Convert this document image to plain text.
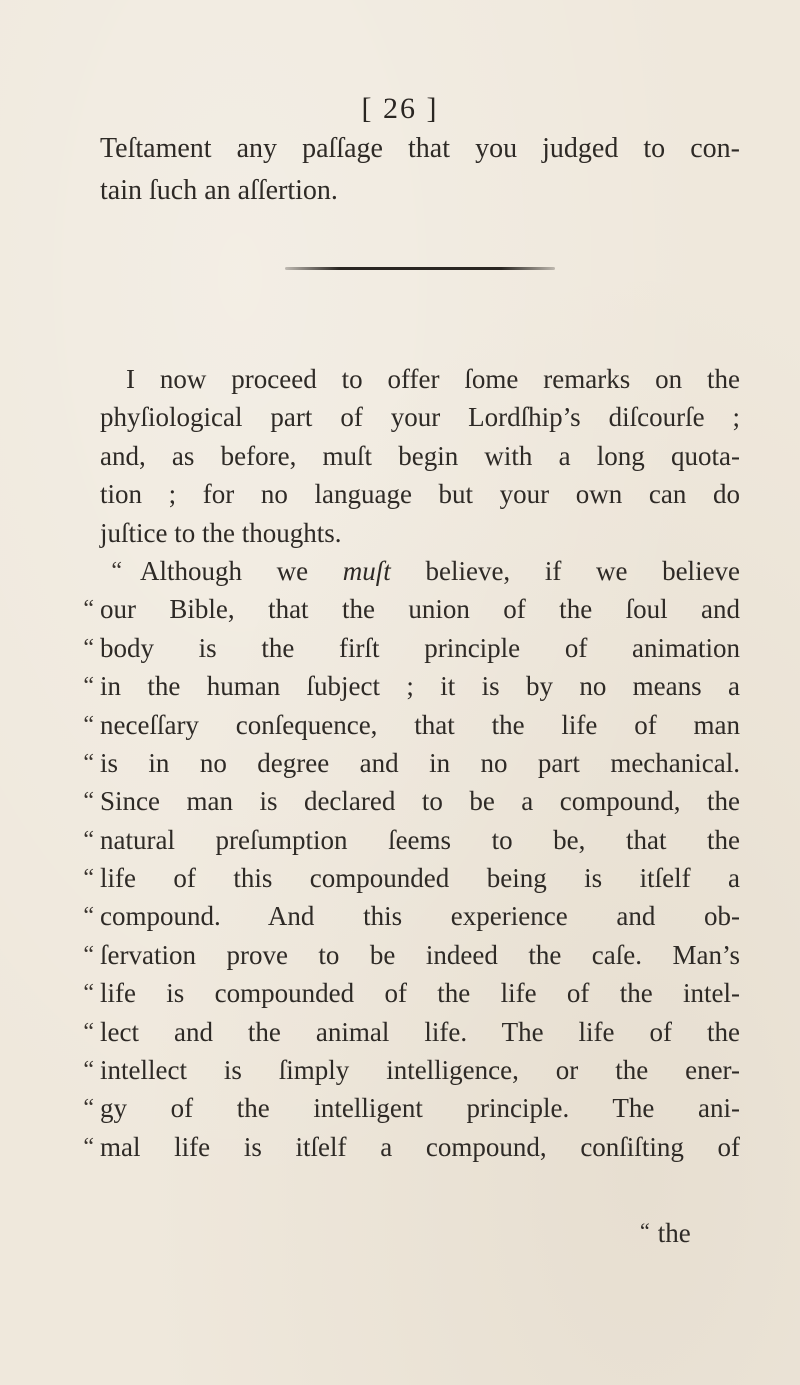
[ 26 ]
Teſtament any paſſage that you judged to con-
tain ſuch an aſſertion.
I now proceed to offer ſome remarks on the
phyſiological part of your Lordſhip’s diſcourſe ;
and, as before, muſt begin with a long quota-
tion ; for no language but your own can do
juſtice to the thoughts.
“ Although we muſt believe, if we believe
“ our Bible, that the union of the ſoul and
“ body is the firſt principle of animation
“ in the human ſubject ; it is by no means a
“ neceſſary conſequence, that the life of man
“ is in no degree and in no part mechanical.
“ Since man is declared to be a compound, the
“ natural preſumption ſeems to be, that the
“ life of this compounded being is itſelf a
“ compound. And this experience and ob-
“ ſervation prove to be indeed the caſe. Man’s
“ life is compounded of the life of the intel-
“ lect and the animal life. The life of the
“ intellect is ſimply intelligence, or the ener-
“ gy of the intelligent principle. The ani-
“ mal life is itſelf a compound, conſiſting of
“ the
